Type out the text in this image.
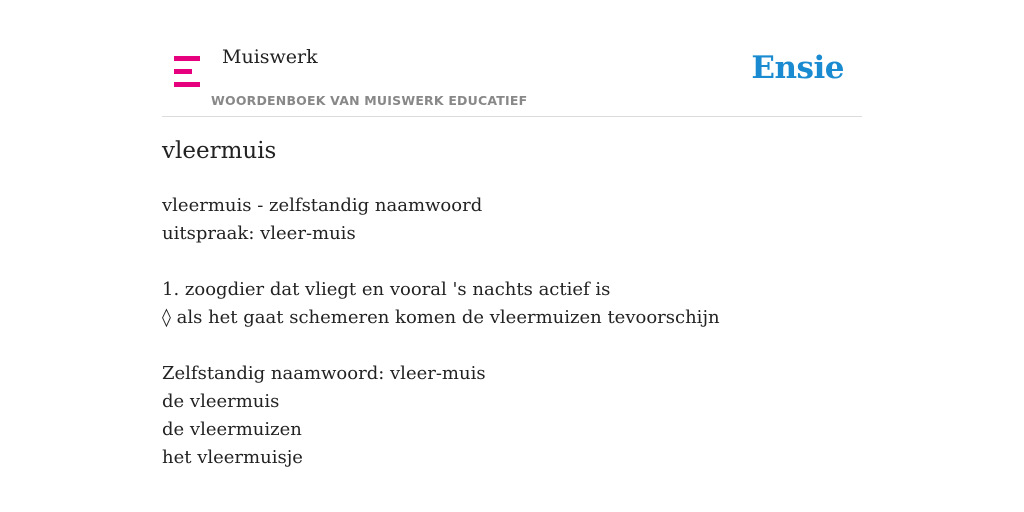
Muiswerk
WOORDENBOEK VAN MUISWERK EDUCATIEF
Ensie
vleermuis
vleermuis - zelfstandig naamwoord
uitspraak: vleer-muis
1. zoogdier dat vliegt en vooral 's nachts actief is
◊ als het gaat schemeren komen de vleermuizen tevoorschijn
Zelfstandig naamwoord: vleer-muis
de vleermuis
de vleermuizen
het vleermuisje
